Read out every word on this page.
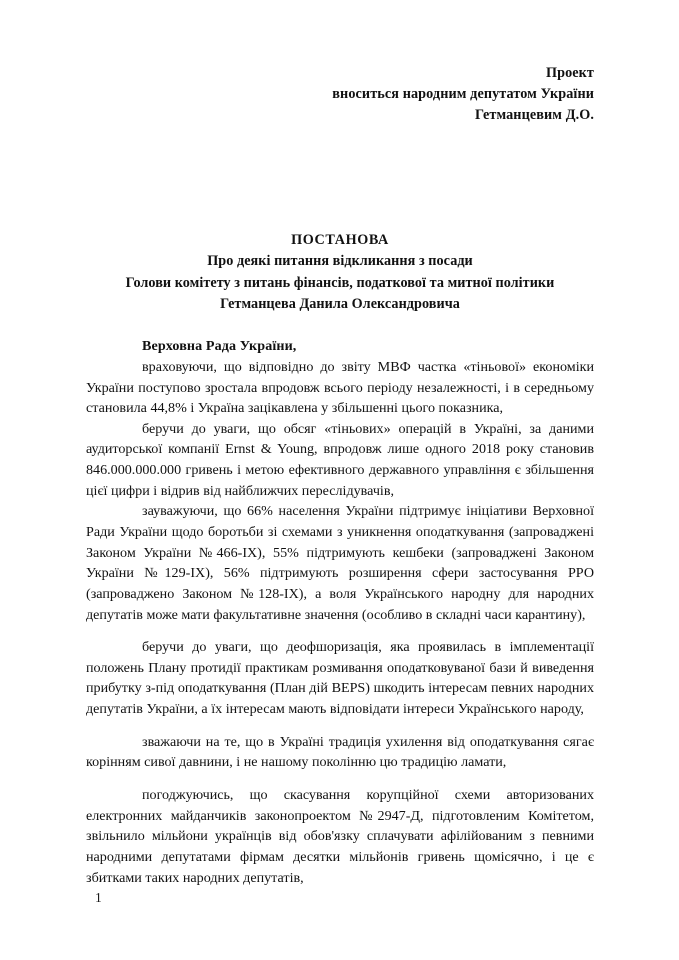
Проект
вноситься народним депутатом України
Гетманцевим Д.О.
ПОСТАНОВА
Про деякі питання відкликання з посади
Голови комітету з питань фінансів, податкової та митної політики
Гетманцева Данила Олександровича

Верховна Рада України,

враховуючи, що відповідно до звіту МВФ частка «тіньової» економіки України поступово зростала впродовж всього періоду незалежності, і в середньому становила 44,8% і Україна зацікавлена у збільшенні цього показника,

беручи до уваги, що обсяг «тіньових» операцій в Україні, за даними аудиторської компанії Ernst & Young, впродовж лише одного 2018 року становив 846.000.000.000 гривень і метою ефективного державного управління є збільшення цієї цифри і відрив від найближчих переслідувачів,

зауважуючи, що 66% населення України підтримує ініціативи Верховної Ради України щодо боротьби зі схемами з уникнення оподаткування (запроваджені Законом України №466-IX), 55% підтримують кешбеки (запроваджені Законом України №129-IX), 56% підтримують розширення сфери застосування РРО (запроваджено Законом №128-IX), а воля Українського народну для народних депутатів може мати факультативне значення (особливо в складні часи карантину),

беручи до уваги, що деофшоризація, яка проявилась в імплементації положень Плану протидії практикам розмивання оподатковуваної бази й виведення прибутку з-під оподаткування (План дій BEPS) шкодить інтересам певних народних депутатів України, а їх інтересам мають відповідати інтереси Українського народу,

зважаючи на те, що в Україні традиція ухилення від оподаткування сягає корінням сивої давнини, і не нашому поколінню цю традицію ламати,

погоджуючись, що скасування корупційної схеми авторизованих електронних майданчиків законопроектом №2947-Д, підготовленим Комітетом, звільнило мільйони українців від обов'язку сплачувати афілійованим з певними народними депутатами фірмам десятки мільйонів гривень щомісячно, і це є збитками таких народних депутатів,

1
